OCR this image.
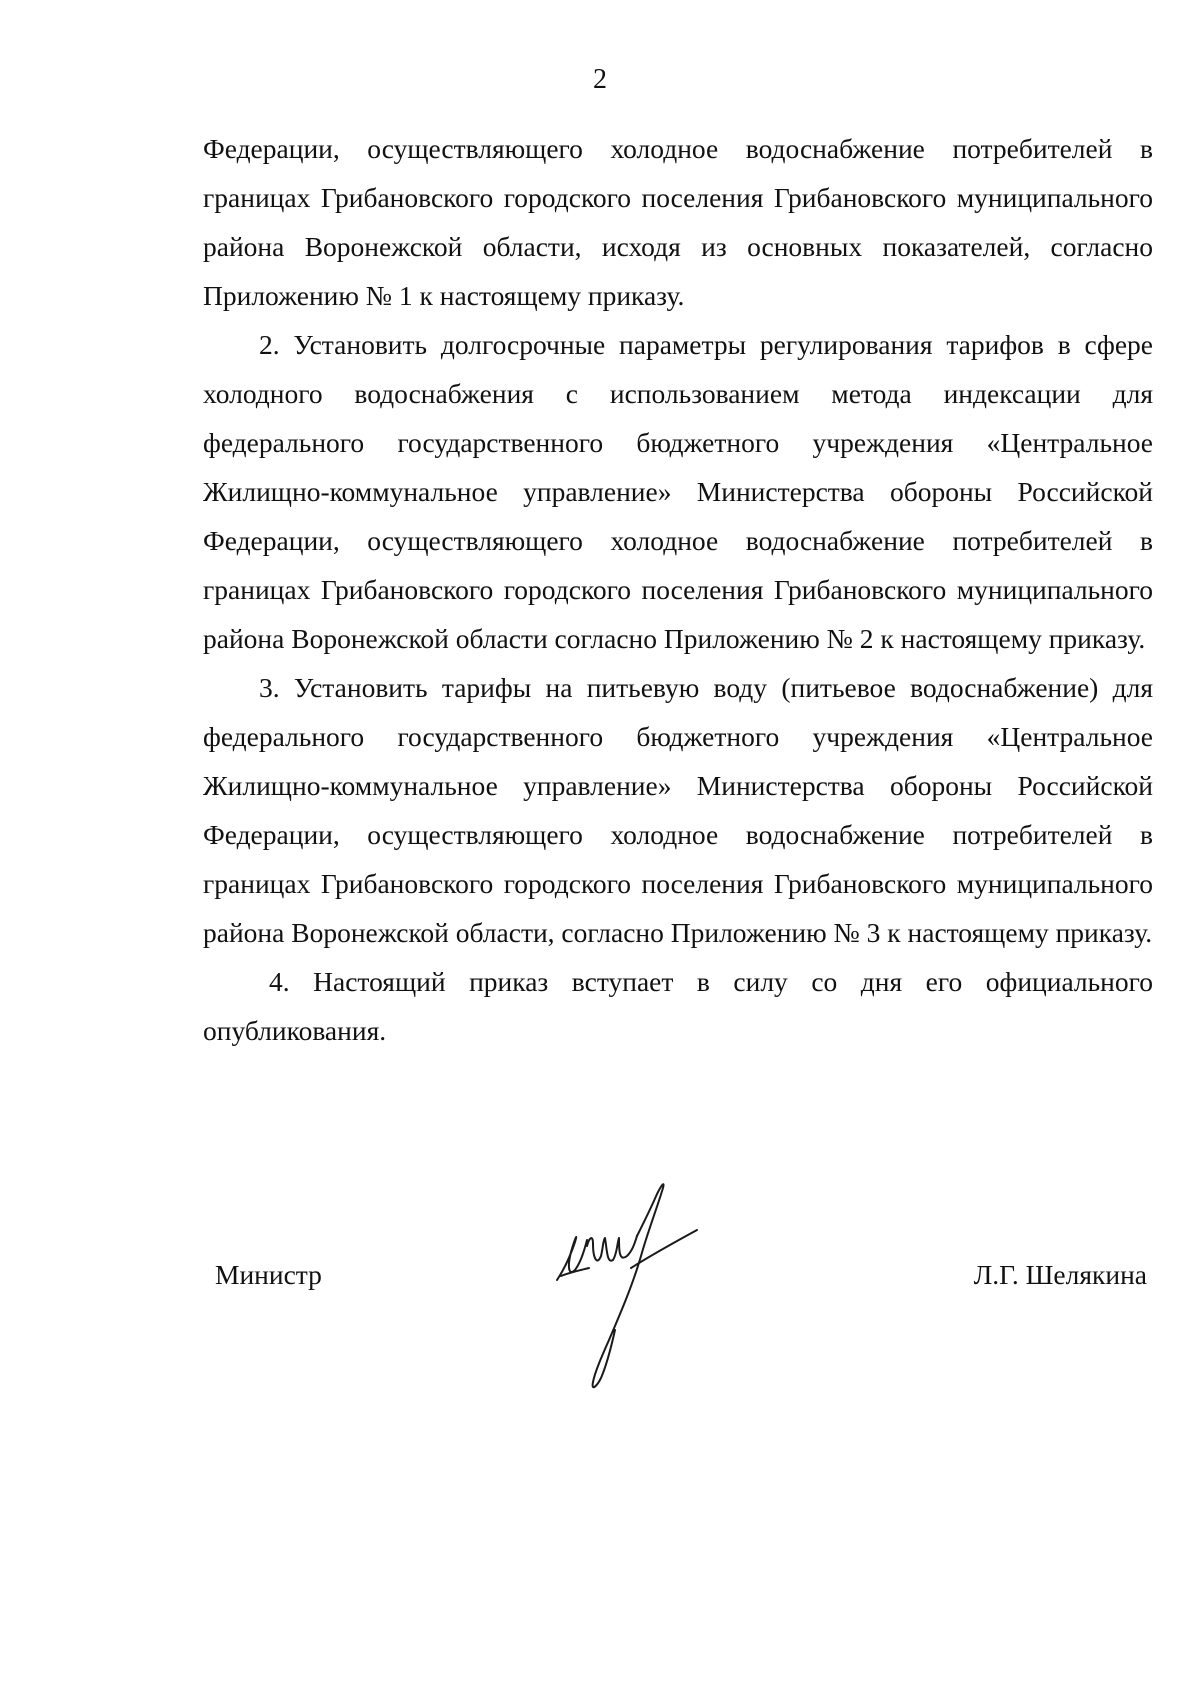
2

Федерации, осуществляющего холодное водоснабжение потребителей в границах Грибановского городского поселения Грибановского муниципального района Воронежской области, исходя из основных показателей, согласно Приложению № 1 к настоящему приказу.

2. Установить долгосрочные параметры регулирования тарифов в сфере холодного водоснабжения с использованием метода индексации для федерального государственного бюджетного учреждения «Центральное Жилищно-коммунальное управление» Министерства обороны Российской Федерации, осуществляющего холодное водоснабжение потребителей в границах Грибановского городского поселения Грибановского муниципального района Воронежской области согласно Приложению № 2 к настоящему приказу.

3. Установить тарифы на питьевую воду (питьевое водоснабжение) для федерального государственного бюджетного учреждения «Центральное Жилищно-коммунальное управление» Министерства обороны Российской Федерации, осуществляющего холодное водоснабжение потребителей в границах Грибановского городского поселения Грибановского муниципального района Воронежской области, согласно Приложению № 3 к настоящему приказу.

4. Настоящий приказ вступает в силу со дня его официального опубликования.

Министр	Л.Г. Шелякина
